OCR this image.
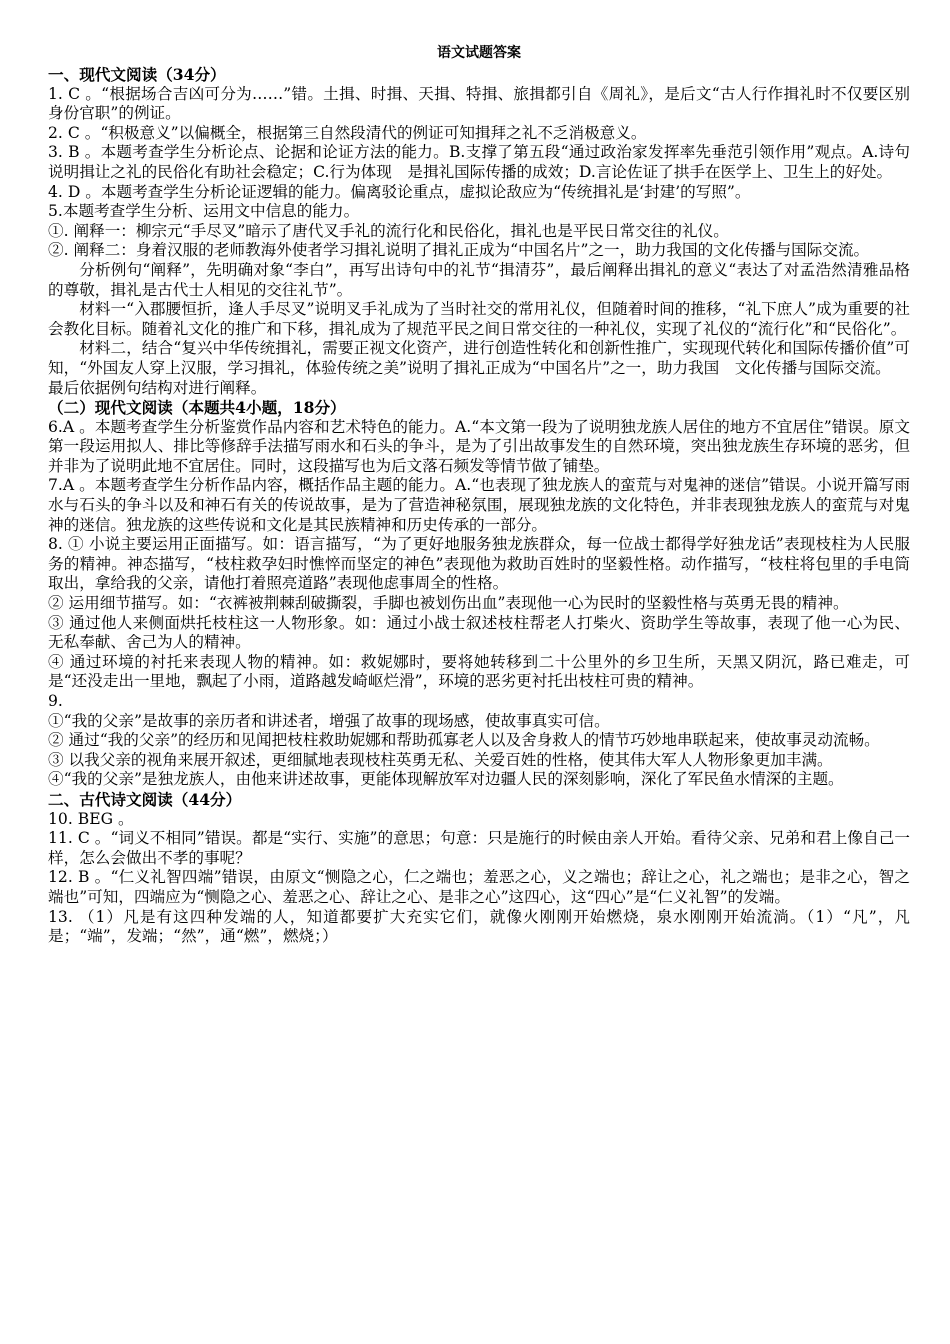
语文试题答案
一、现代文阅读（34分）

1. C 。“根据场合吉凶可分为……”错。土揖、时揖、天揖、特揖、旅揖都引自《周礼》，是后文“古人行作揖礼时不仅要区别身份官职”的例证。

2. C 。“积极意义”以偏概全，根据第三自然段清代的例证可知揖拜之礼不乏消极意义。

3. B 。本题考查学生分析论点、论据和论证方法的能力。B.支撑了第五段“通过政治家发挥率先垂范引领作用”观点。A.诗句说明揖让之礼的民俗化有助社会稳定；C.行为体现　是揖礼国际传播的成效；D.言论佐证了拱手在医学上、卫生上的好处。

4. D 。本题考查学生分析论证逻辑的能力。偏离驳论重点，虚拟论敌应为“传统揖礼是‘封建’的写照”。

5.本题考查学生分析、运用文中信息的能力。

①. 阐释一：柳宗元“手尽叉”暗示了唐代叉手礼的流行化和民俗化，揖礼也是平民日常交往的礼仪。

②. 阐释二：身着汉服的老师教海外使者学习揖礼说明了揖礼正成为“中国名片”之一，助力我国的文化传播与国际交流。

分析例句“阐释”，先明确对象“李白”，再写出诗句中的礼节“揖清芬”，最后阐释出揖礼的意义“表达了对孟浩然清雅品格的尊敬，揖礼是古代士人相见的交往礼节”。

材料一“入郡腰恒折，逢人手尽叉”说明叉手礼成为了当时社交的常用礼仪，但随着时间的推移，“礼下庶人”成为重要的社会教化目标。随着礼文化的推广和下移，揖礼成为了规范平民之间日常交往的一种礼仪，实现了礼仪的“流行化”和“民俗化”。

材料二，结合“复兴中华传统揖礼，需要正视文化资产，进行创造性转化和创新性推广，实现现代转化和国际传播价值”可知，“外国友人穿上汉服，学习揖礼，体验传统之美”说明了揖礼正成为“中国名片”之一，助力我国　文化传播与国际交流。

最后依据例句结构对进行阐释。

（二）现代文阅读（本题共4小题，18分）

6.A 。本题考查学生分析鉴赏作品内容和艺术特色的能力。A.“本文第一段为了说明独龙族人居住的地方不宜居住”错误。原文第一段运用拟人、排比等修辞手法描写雨水和石头的争斗，是为了引出故事发生的自然环境，突出独龙族生存环境的恶劣，但并非为了说明此地不宜居住。同时，这段描写也为后文落石频发等情节做了铺垫。

7.A 。本题考查学生分析作品内容，概括作品主题的能力。A.“也表现了独龙族人的蛮荒与对鬼神的迷信”错误。小说开篇写雨水与石头的争斗以及和神石有关的传说故事，是为了营造神秘氛围，展现独龙族的文化特色，并非表现独龙族人的蛮荒与对鬼神的迷信。独龙族的这些传说和文化是其民族精神和历史传承的一部分。

8. ① 小说主要运用正面描写。如：语言描写，“为了更好地服务独龙族群众，每一位战士都得学好独龙话”表现枝柱为人民服务的精神。神态描写，“枝柱救孕妇时憔悴而坚定的神色”表现他为救助百姓时的坚毅性格。动作描写，“枝柱将包里的手电筒取出，拿给我的父亲，请他打着照亮道路”表现他虑事周全的性格。

② 运用细节描写。如：“衣裤被荆棘刮破撕裂，手脚也被划伤出血”表现他一心为民时的坚毅性格与英勇无畏的精神。

③ 通过他人来侧面烘托枝柱这一人物形象。如：通过小战士叙述枝柱帮老人打柴火、资助学生等故事，表现了他一心为民、无私奉献、舍己为人的精神。

④ 通过环境的衬托来表现人物的精神。如：救妮娜时，要将她转移到二十公里外的乡卫生所，天黑又阴沉，路已难走，可是“还没走出一里地，飘起了小雨，道路越发崎岖烂滑”，环境的恶劣更衬托出枝柱可贵的精神。

9.

①“我的父亲”是故事的亲历者和讲述者，增强了故事的现场感，使故事真实可信。

② 通过“我的父亲”的经历和见闻把枝柱救助妮娜和帮助孤寡老人以及舍身救人的情节巧妙地串联起来，使故事灵动流畅。

③ 以我父亲的视角来展开叙述，更细腻地表现枝柱英勇无私、关爱百姓的性格，使其伟大军人人物形象更加丰满。

④“我的父亲”是独龙族人，由他来讲述故事，更能体现解放军对边疆人民的深刻影响，深化了军民鱼水情深的主题。

二、古代诗文阅读（44分）

10. BEG 。

11. C 。“词义不相同”错误。都是“实行、实施”的意思；句意：只是施行的时候由亲人开始。看待父亲、兄弟和君上像自己一样，怎么会做出不孝的事呢？

12. B 。“仁义礼智四端”错误，由原文“恻隐之心，仁之端也；羞恶之心，义之端也；辞让之心，礼之端也；是非之心，智之端也”可知，四端应为“恻隐之心、羞恶之心、辞让之心、是非之心”这四心，这“四心”是“仁义礼智”的发端。

13. （1）凡是有这四种发端的人，知道都要扩大充实它们，就像火刚刚开始燃烧，泉水刚刚开始流淌。（1）“凡”，凡是；“端”，发端；“然”，通“燃”，燃烧；）
